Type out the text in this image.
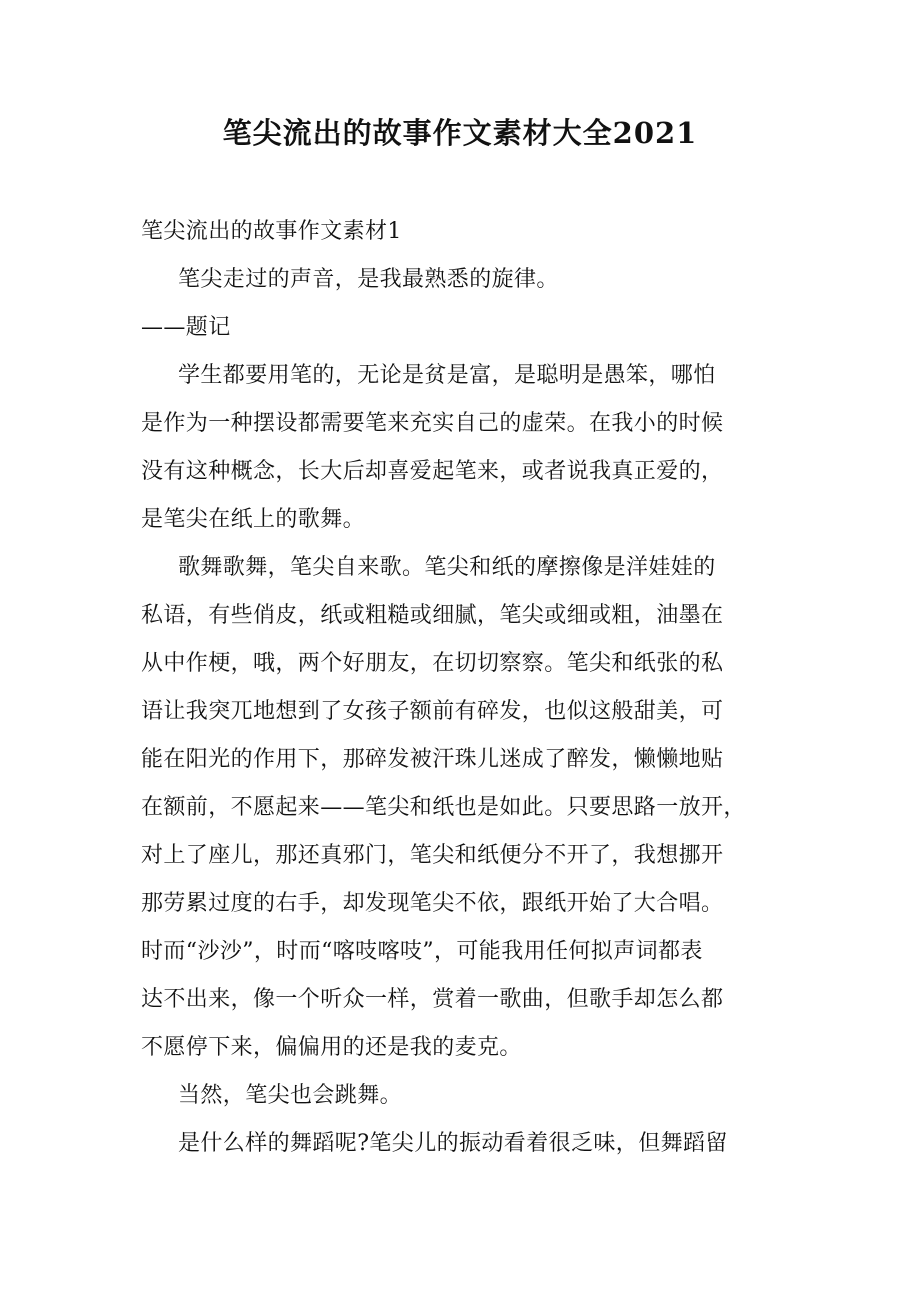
笔尖流出的故事作文素材大全2021
笔尖流出的故事作文素材1
笔尖走过的声音，是我最熟悉的旋律。
——题记
学生都要用笔的，无论是贫是富，是聪明是愚笨，哪怕
是作为一种摆设都需要笔来充实自己的虚荣。在我小的时候
没有这种概念，长大后却喜爱起笔来，或者说我真正爱的，
是笔尖在纸上的歌舞。
歌舞歌舞，笔尖自来歌。笔尖和纸的摩擦像是洋娃娃的
私语，有些俏皮，纸或粗糙或细腻，笔尖或细或粗，油墨在
从中作梗，哦，两个好朋友，在切切察察。笔尖和纸张的私
语让我突兀地想到了女孩子额前有碎发，也似这般甜美，可
能在阳光的作用下，那碎发被汗珠儿迷成了醉发，懒懒地贴
在额前，不愿起来——笔尖和纸也是如此。只要思路一放开，
对上了座儿，那还真邪门，笔尖和纸便分不开了，我想挪开
那劳累过度的右手，却发现笔尖不依，跟纸开始了大合唱。
时而“沙沙”，时而“喀吱喀吱”，可能我用任何拟声词都表
达不出来，像一个听众一样，赏着一歌曲，但歌手却怎么都
不愿停下来，偏偏用的还是我的麦克。
当然，笔尖也会跳舞。
是什么样的舞蹈呢?笔尖儿的振动看着很乏味，但舞蹈留
